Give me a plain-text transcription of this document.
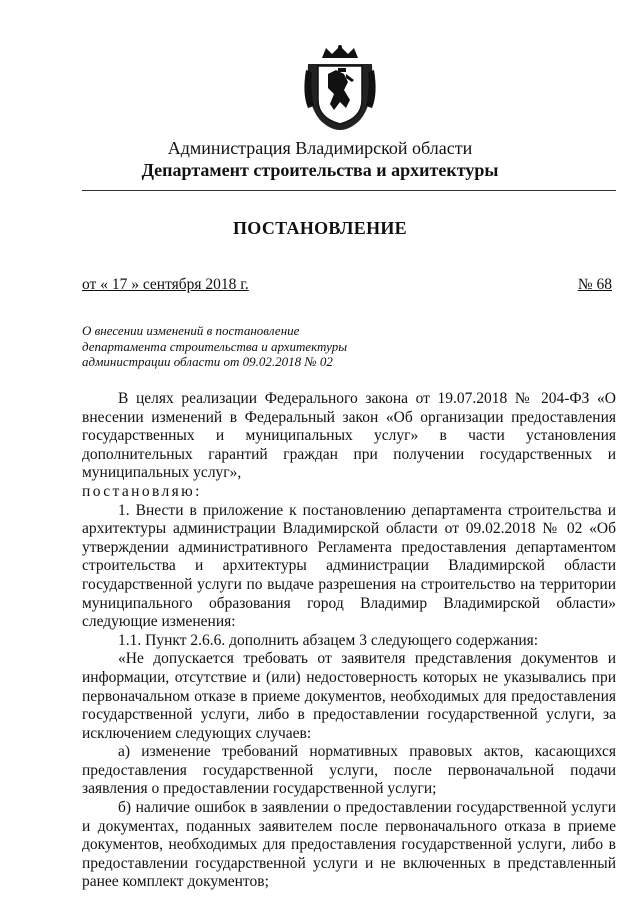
Администрация Владимирской области
Департамент строительства и архитектуры
ПОСТАНОВЛЕНИЕ
от « 17 » сентября 2018 г.	№ 68
О внесении изменений в постановление
департамента строительства и архитектуры
администрации области от 09.02.2018 № 02

В целях реализации Федерального закона от 19.07.2018 № 204-ФЗ «О внесении изменений в Федеральный закон «Об организации предоставления государственных и муниципальных услуг» в части установления дополнительных гарантий граждан при получении государственных и муниципальных услуг»,
постановляю:

1. Внести в приложение к постановлению департамента строительства и архитектуры администрации Владимирской области от 09.02.2018 № 02 «Об утверждении административного Регламента предоставления департаментом строительства и архитектуры администрации Владимирской области государственной услуги по выдаче разрешения на строительство на территории муниципального образования город Владимир Владимирской области» следующие изменения:

1.1. Пункт 2.6.6. дополнить абзацем 3 следующего содержания:

«Не допускается требовать от заявителя представления документов и информации, отсутствие и (или) недостоверность которых не указывались при первоначальном отказе в приеме документов, необходимых для предоставления государственной услуги, либо в предоставлении государственной услуги, за исключением следующих случаев:

а) изменение требований нормативных правовых актов, касающихся предоставления государственной услуги, после первоначальной подачи заявления о предоставлении государственной услуги;

б) наличие ошибок в заявлении о предоставлении государственной услуги и документах, поданных заявителем после первоначального отказа в приеме документов, необходимых для предоставления государственной услуги, либо в предоставлении государственной услуги и не включенных в представленный ранее комплект документов;
